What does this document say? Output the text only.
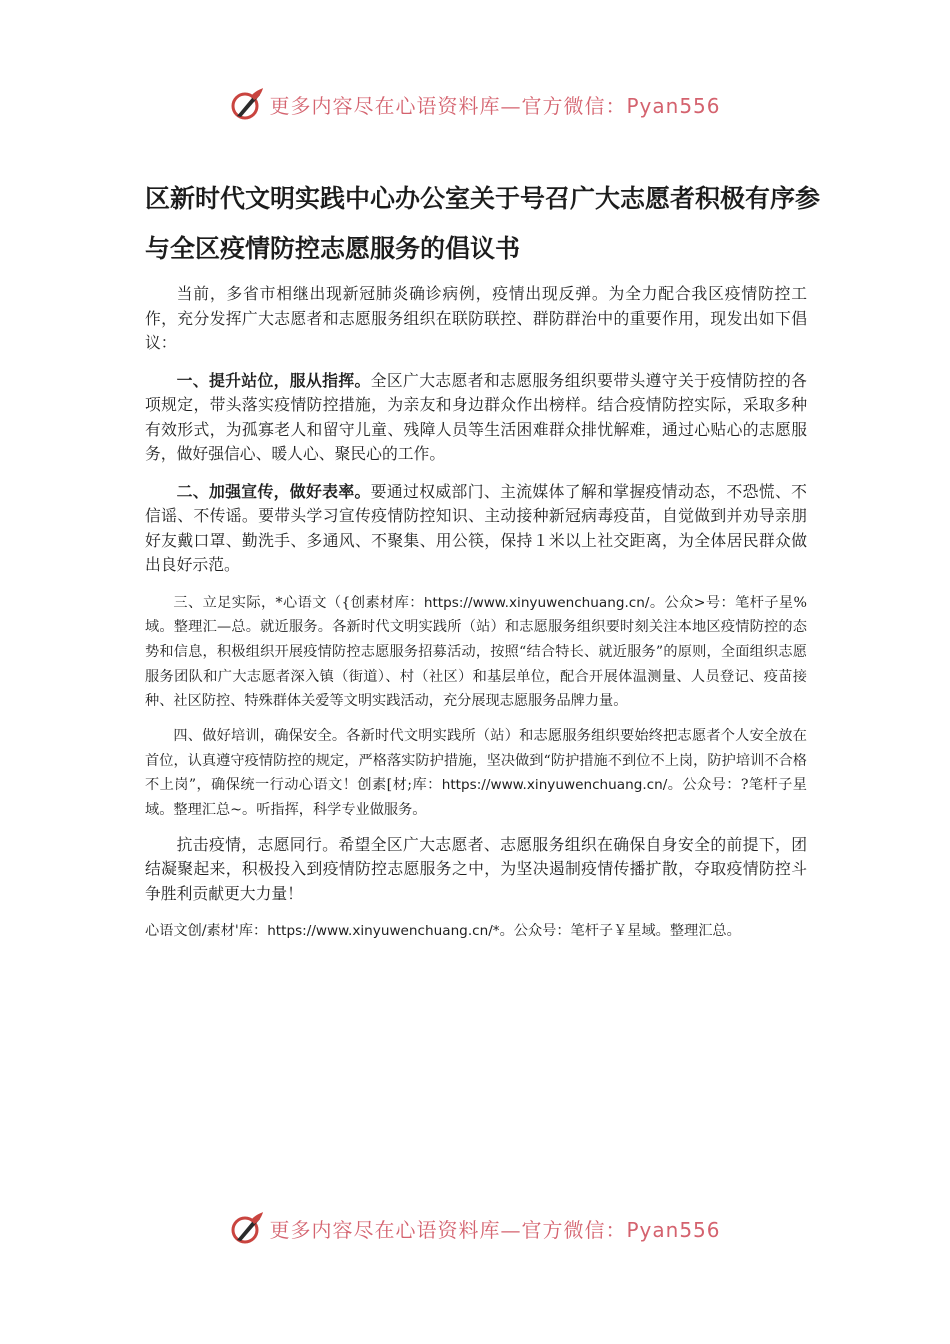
更多内容尽在心语资料库—官方微信：Pyan556
区新时代文明实践中心办公室关于号召广大志愿者积极有序参与全区疫情防控志愿服务的倡议书

当前，多省市相继出现新冠肺炎确诊病例，疫情出现反弹。为全力配合我区疫情防控工作，充分发挥广大志愿者和志愿服务组织在联防联控、群防群治中的重要作用，现发出如下倡议：

一、提升站位，服从指挥。全区广大志愿者和志愿服务组织要带头遵守关于疫情防控的各项规定，带头落实疫情防控措施，为亲友和身边群众作出榜样。结合疫情防控实际，采取多种有效形式，为孤寡老人和留守儿童、残障人员等生活困难群众排忧解难，通过心贴心的志愿服务，做好强信心、暖人心、聚民心的工作。

二、加强宣传，做好表率。要通过权威部门、主流媒体了解和掌握疫情动态，不恐慌、不信谣、不传谣。要带头学习宣传疫情防控知识、主动接种新冠病毒疫苗，自觉做到并劝导亲朋好友戴口罩、勤洗手、多通风、不聚集、用公筷，保持１米以上社交距离，为全体居民群众做出良好示范。

三、立足实际，*心语文（{创素材库：https://www.xinyuwenchuang.cn/。公众>号：笔杆子星%域。整理汇—总。就近服务。各新时代文明实践所（站）和志愿服务组织要时刻关注本地区疫情防控的态势和信息，积极组织开展疫情防控志愿服务招募活动，按照“结合特长、就近服务”的原则，全面组织志愿服务团队和广大志愿者深入镇（街道）、村（社区）和基层单位，配合开展体温测量、人员登记、疫苗接种、社区防控、特殊群体关爱等文明实践活动，充分展现志愿服务品牌力量。

四、做好培训，确保安全。各新时代文明实践所（站）和志愿服务组织要始终把志愿者个人安全放在首位，认真遵守疫情防控的规定，严格落实防护措施，坚决做到“防护措施不到位不上岗，防护培训不合格不上岗”，确保统一行动心语文！创素[材;库：https://www.xinyuwenchuang.cn/。公众号：?笔杆子星域。整理汇总~。听指挥，科学专业做服务。

抗击疫情，志愿同行。希望全区广大志愿者、志愿服务组织在确保自身安全的前提下，团结凝聚起来，积极投入到疫情防控志愿服务之中，为坚决遏制疫情传播扩散，夺取疫情防控斗争胜利贡献更大力量！

心语文创/素材'库：https://www.xinyuwenchuang.cn/*。公众号：笔杆子￥星域。整理汇总。

更多内容尽在心语资料库—官方微信：Pyan556
